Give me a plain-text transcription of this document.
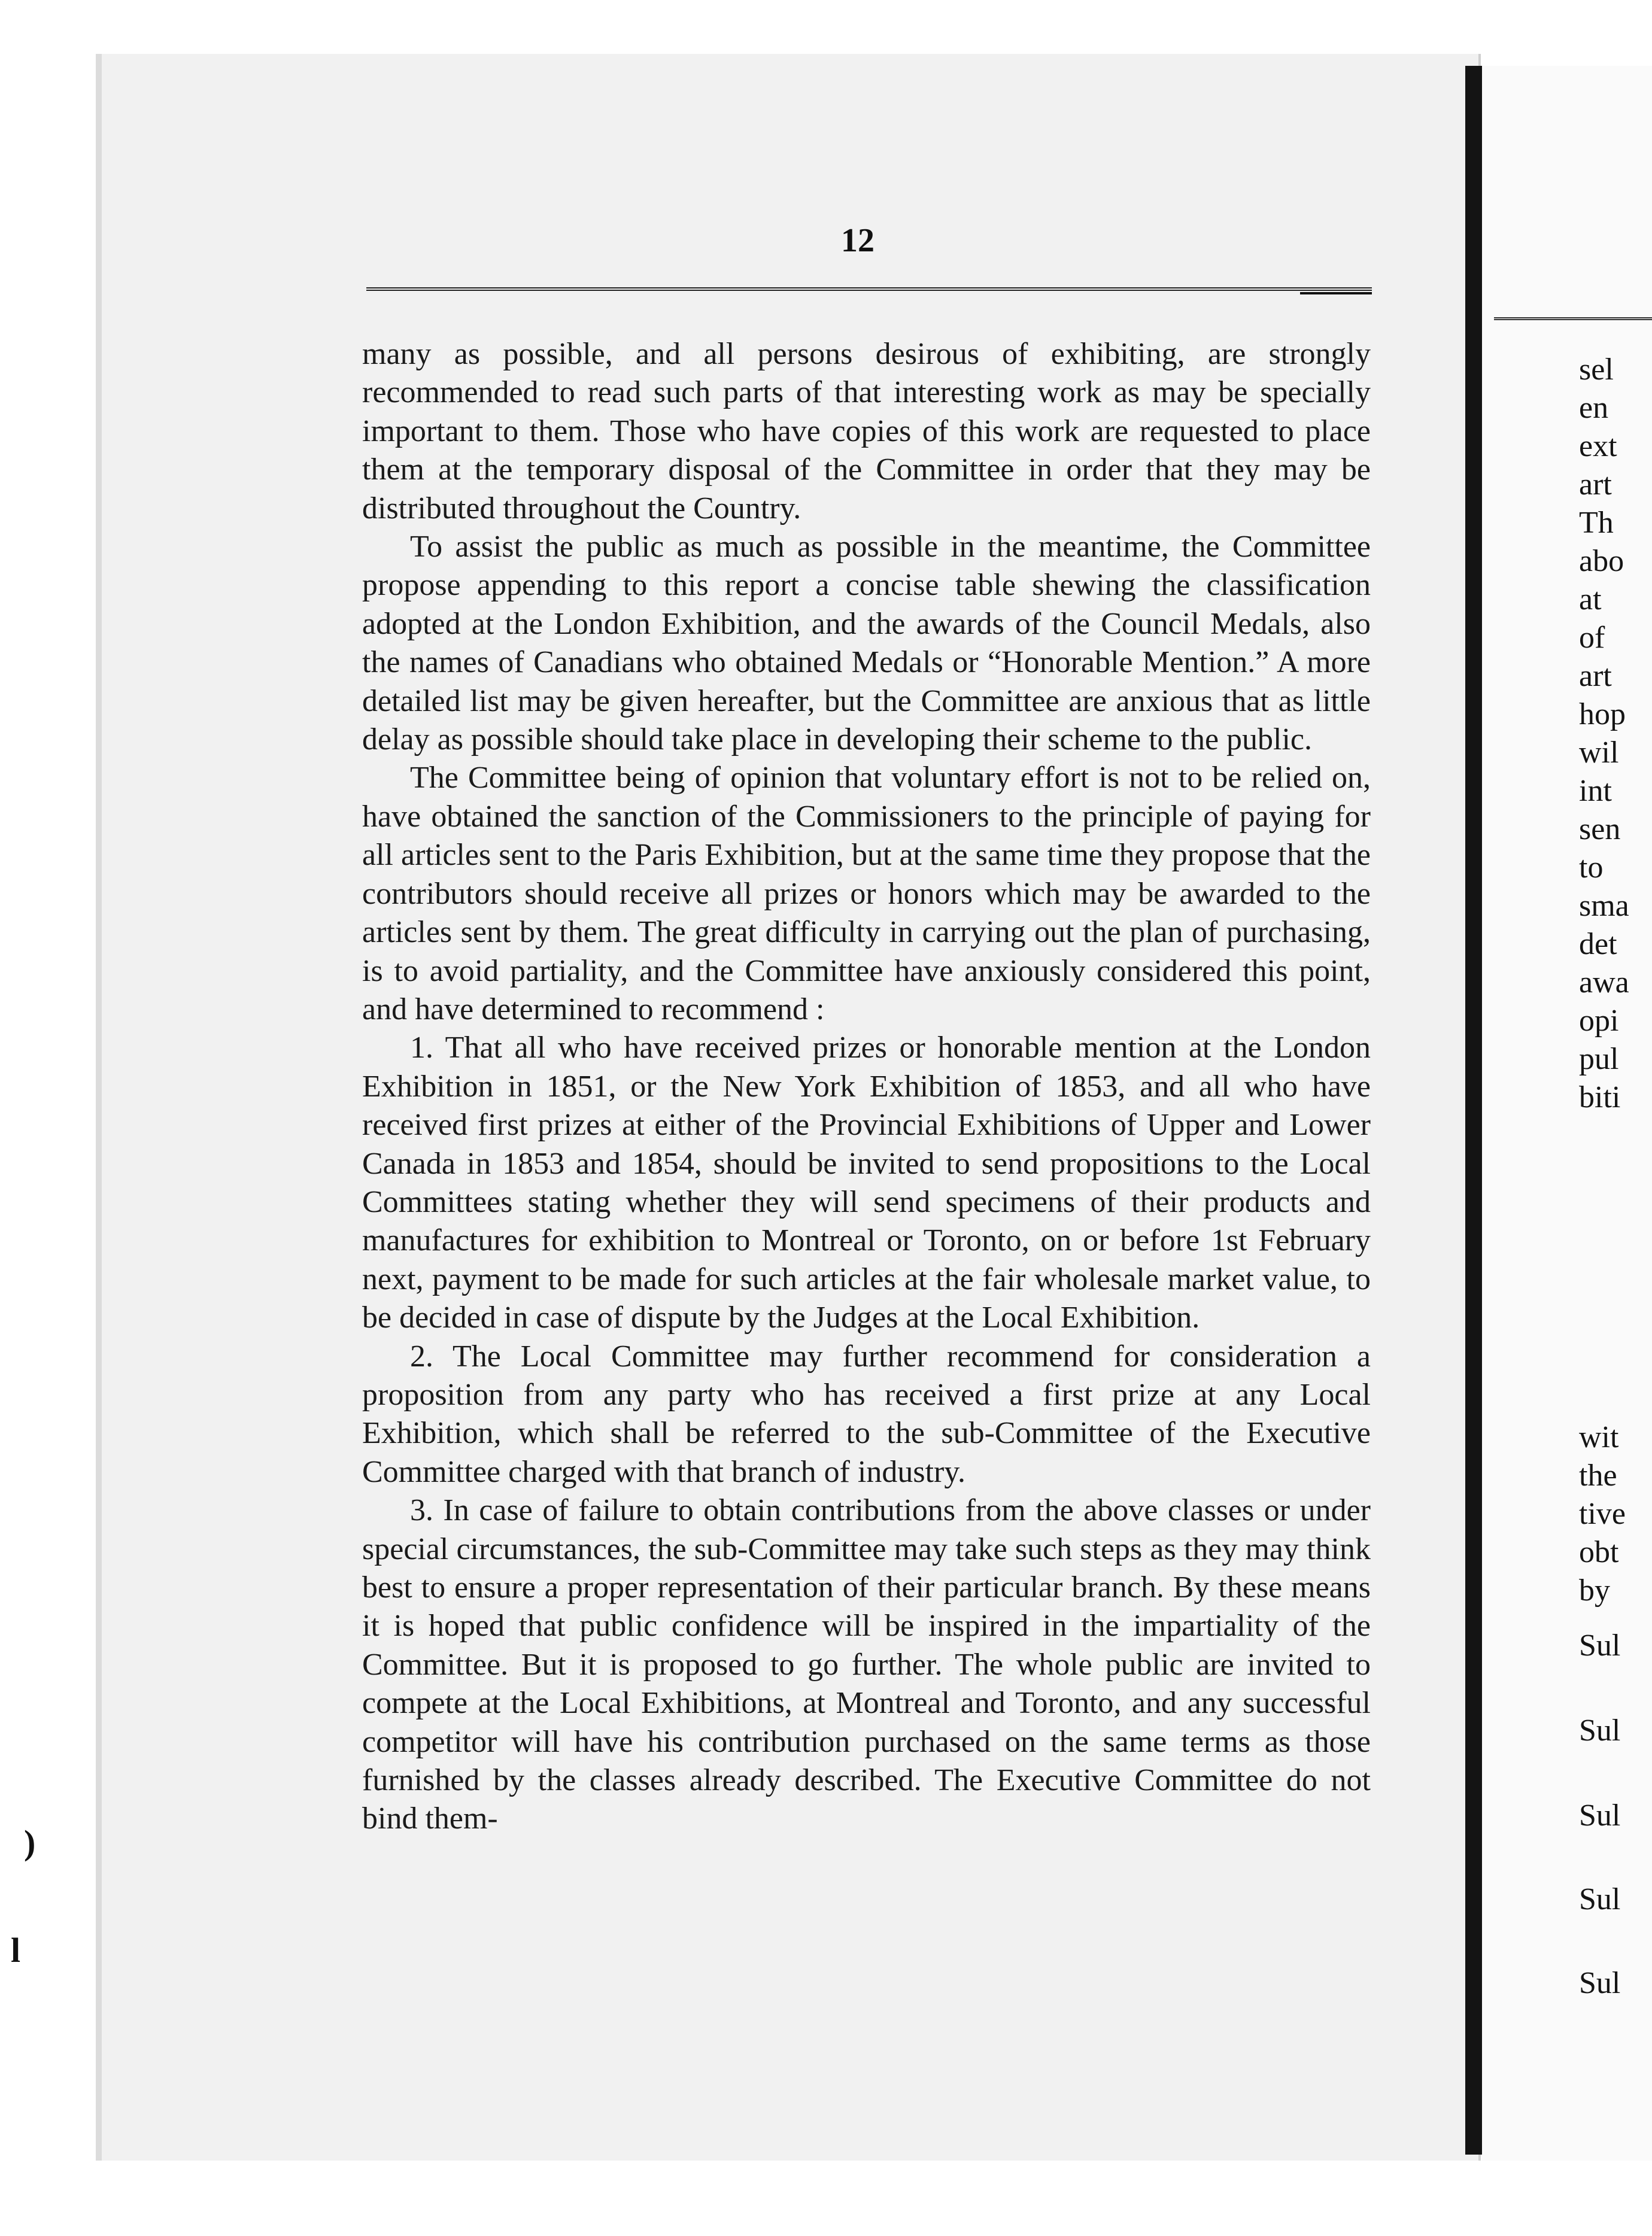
)
l
12

many as possible, and all persons desirous of exhibiting, are strongly recommended to read such parts of that interesting work as may be specially important to them. Those who have copies of this work are requested to place them at the temporary disposal of the Committee in order that they may be distributed throughout the Country.

To assist the public as much as possible in the meantime, the Committee propose appending to this report a concise table shewing the classification adopted at the London Exhibition, and the awards of the Council Medals, also the names of Canadians who obtained Medals or “Honorable Mention.” A more detailed list may be given hereafter, but the Committee are anxious that as little delay as possible should take place in developing their scheme to the public.

The Committee being of opinion that voluntary effort is not to be relied on, have obtained the sanction of the Commissioners to the principle of paying for all articles sent to the Paris Exhibition, but at the same time they propose that the contributors should receive all prizes or honors which may be awarded to the articles sent by them. The great difficulty in carrying out the plan of purchasing, is to avoid partiality, and the Committee have anxiously considered this point, and have determined to recommend :

1. That all who have received prizes or honorable mention at the London Exhibition in 1851, or the New York Exhibition of 1853, and all who have received first prizes at either of the Provincial Exhibitions of Upper and Lower Canada in 1853 and 1854, should be invited to send propositions to the Local Committees stating whether they will send specimens of their products and manufactures for exhibition to Montreal or Toronto, on or before 1st February next, payment to be made for such articles at the fair wholesale market value, to be decided in case of dispute by the Judges at the Local Exhibition.

2. The Local Committee may further recommend for consideration a proposition from any party who has received a first prize at any Local Exhibition, which shall be referred to the sub-Committee of the Executive Committee charged with that branch of industry.

3. In case of failure to obtain contributions from the above classes or under special circumstances, the sub-Committee may take such steps as they may think best to ensure a proper representation of their particular branch. By these means it is hoped that public confidence will be inspired in the impartiality of the Committee. But it is proposed to go further. The whole public are invited to compete at the Local Exhibitions, at Montreal and Toronto, and any successful competitor will have his contribution purchased on the same terms as those furnished by the classes already described. The Executive Committee do not bind them-

sel
en
ext
art
Th
abo
at
of
art
hop
wil
int
sen
to
sma
det
awa
opi
pul
biti
wit
the
tive
obt
by
Sul
Sul
Sul
Sul
Sul
